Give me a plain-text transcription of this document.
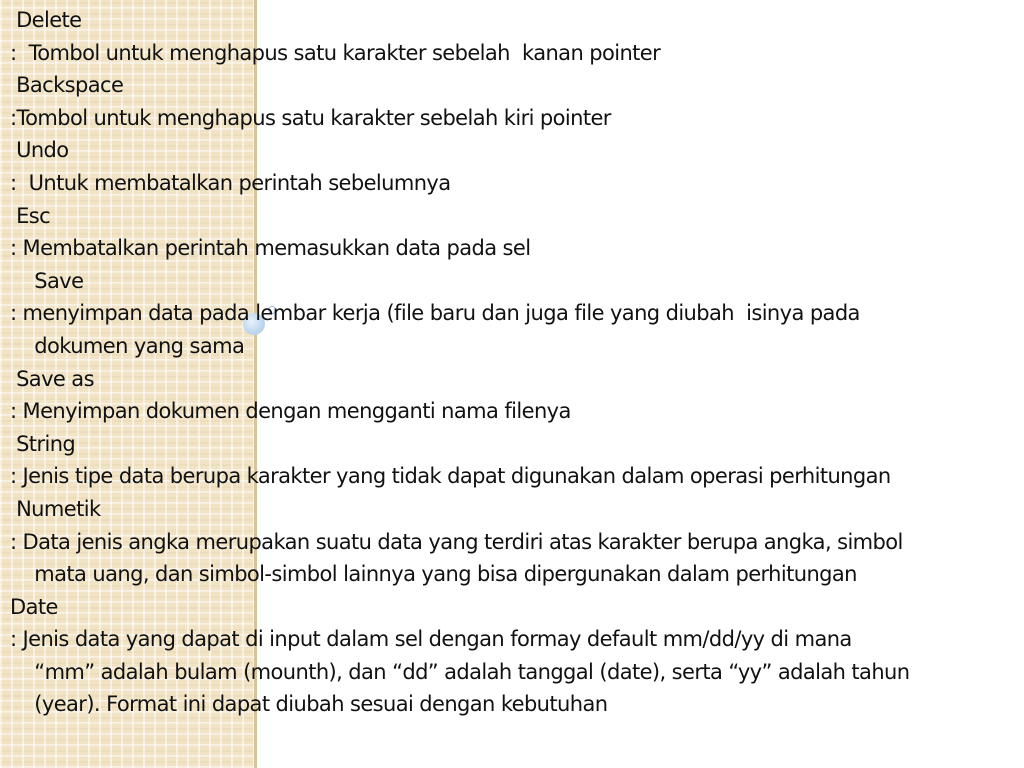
Delete
:  Tombol untuk menghapus satu karakter sebelah  kanan pointer
Backspace
:Tombol untuk menghapus satu karakter sebelah kiri pointer
Undo
:  Untuk membatalkan perintah sebelumnya
Esc
: Membatalkan perintah memasukkan data pada sel
Save
: menyimpan data pada lembar kerja (file baru dan juga file yang diubah  isinya pada
dokumen yang sama
Save as
: Menyimpan dokumen dengan mengganti nama filenya
String
: Jenis tipe data berupa karakter yang tidak dapat digunakan dalam operasi perhitungan
Numetik
: Data jenis angka merupakan suatu data yang terdiri atas karakter berupa angka, simbol
mata uang, dan simbol-simbol lainnya yang bisa dipergunakan dalam perhitungan
Date
: Jenis data yang dapat di input dalam sel dengan formay default mm/dd/yy di mana
“mm” adalah bulam (mounth), dan “dd” adalah tanggal (date), serta “yy” adalah tahun
(year). Format ini dapat diubah sesuai dengan kebutuhan
